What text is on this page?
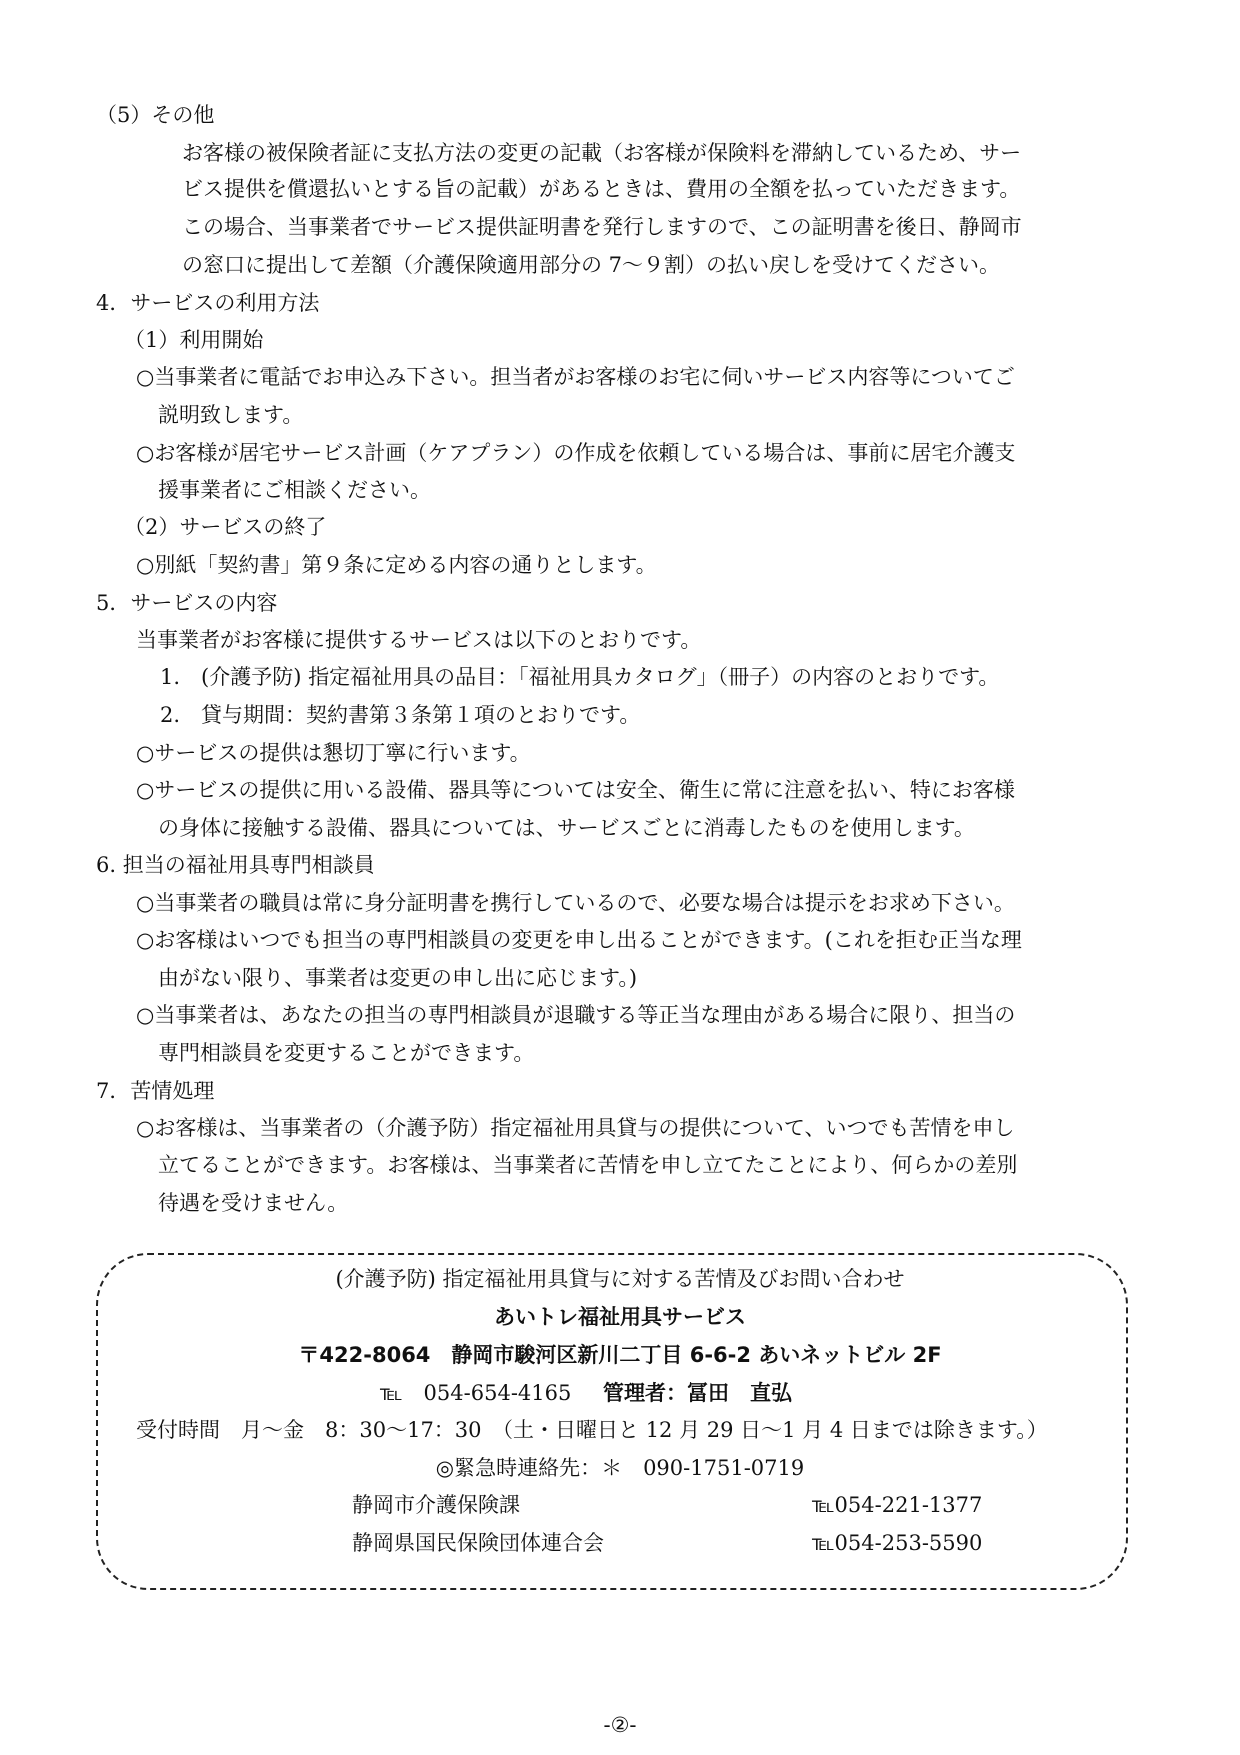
（5）その他
お客様の被保険者証に支払方法の変更の記載（お客様が保険料を滞納しているため、サー
ビス提供を償還払いとする旨の記載）があるときは、費用の全額を払っていただきます。
この場合、当事業者でサービス提供証明書を発行しますので、この証明書を後日、静岡市
の窓口に提出して差額（介護保険適用部分の 7～９割）の払い戻しを受けてください。
4．サービスの利用方法
（1）利用開始
○当事業者に電話でお申込み下さい。担当者がお客様のお宅に伺いサービス内容等についてご
説明致します。
○お客様が居宅サービス計画（ケアプラン）の作成を依頼している場合は、事前に居宅介護支
援事業者にご相談ください。
（2）サービスの終了
○別紙「契約書」第９条に定める内容の通りとします。
5．サービスの内容
当事業者がお客様に提供するサービスは以下のとおりです。
1.　(介護予防) 指定福祉用具の品目：｢福祉用具カタログ｣（冊子）の内容のとおりです。
2.　貸与期間：契約書第３条第１項のとおりです。
○サービスの提供は懇切丁寧に行います。
○サービスの提供に用いる設備、器具等については安全、衛生に常に注意を払い、特にお客様
の身体に接触する設備、器具については、サービスごとに消毒したものを使用します。
6. 担当の福祉用具専門相談員
○当事業者の職員は常に身分証明書を携行しているので、必要な場合は提示をお求め下さい。
○お客様はいつでも担当の専門相談員の変更を申し出ることができます。(これを拒む正当な理
由がない限り、事業者は変更の申し出に応じます。)
○当事業者は、あなたの担当の専門相談員が退職する等正当な理由がある場合に限り、担当の
専門相談員を変更することができます。
7．苦情処理
○お客様は、当事業者の（介護予防）指定福祉用具貸与の提供について、いつでも苦情を申し
立てることができます。お客様は、当事業者に苦情を申し立てたことにより、何らかの差別
待遇を受けません。
(介護予防) 指定福祉用具貸与に対する苦情及びお問い合わせ
あいトレ福祉用具サービス
〒422-8064　静岡市駿河区新川二丁目 6-6-2 あいネットビル 2F
℡　054-654-4165 管理者：冨田　直弘
受付時間　月～金　8：30～17：30　（土・日曜日と 12 月 29 日～1 月 4 日までは除きます。）
◎緊急時連絡先：＊　090-1751-0719
静岡市介護保険課	℡054-221-1377
静岡県国民保険団体連合会	℡054-253-5590
-②-
